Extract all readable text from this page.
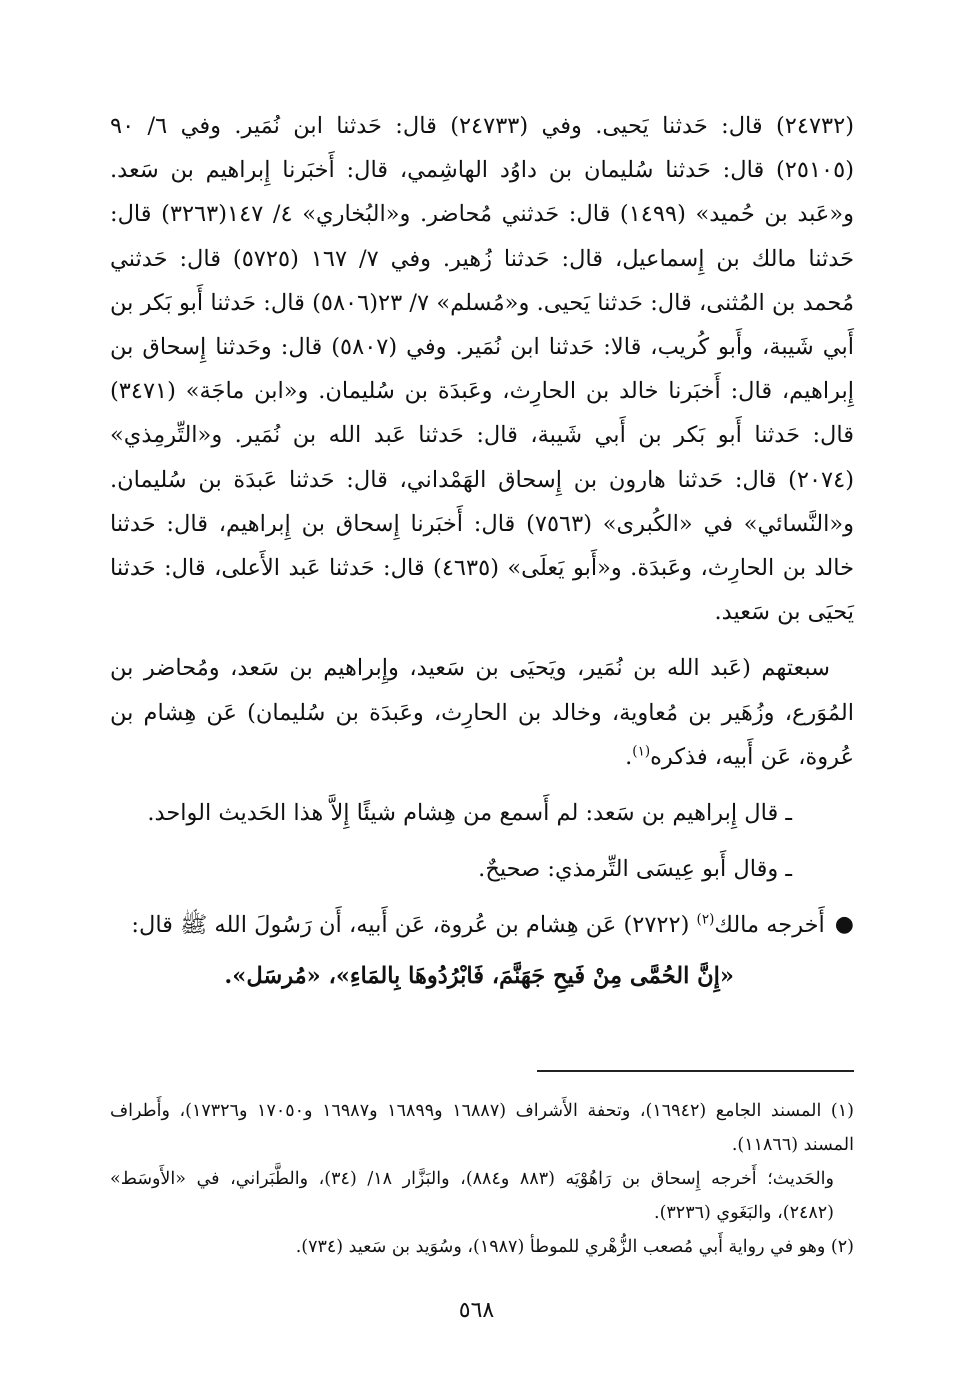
(٢٤٧٣٢) قال: حَدثنا يَحيى. وفي (٢٤٧٣٣) قال: حَدثنا ابن نُمَير. وفي ٦/ ٩٠ (٢٥١٠٥) قال: حَدثنا سُليمان بن داوُد الهاشِمي، قال: أَخبَرنا إِبراهيم بن سَعد. و«عَبد بن حُميد» (١٤٩٩) قال: حَدثني مُحاضر. و«البُخاري» ٤/ ١٤٧(٣٢٦٣) قال: حَدثنا مالك بن إِسماعيل، قال: حَدثنا زُهير. وفي ٧/ ١٦٧ (٥٧٢٥) قال: حَدثني مُحمد بن المُثنى، قال: حَدثنا يَحيى. و«مُسلم» ٧/ ٢٣(٥٨٠٦) قال: حَدثنا أَبو بَكر بن أَبي شَيبة، وأَبو كُريب، قالا: حَدثنا ابن نُمَير. وفي (٥٨٠٧) قال: وحَدثنا إِسحاق بن إِبراهيم، قال: أَخبَرنا خالد بن الحارِث، وعَبدَة بن سُليمان. و«ابن ماجَة» (٣٤٧١) قال: حَدثنا أَبو بَكر بن أَبي شَيبة، قال: حَدثنا عَبد الله بن نُمَير. و«التِّرمِذي» (٢٠٧٤) قال: حَدثنا هارون بن إِسحاق الهَمْداني، قال: حَدثنا عَبدَة بن سُليمان. و«النَّسائي» في «الكُبرى» (٧٥٦٣) قال: أَخبَرنا إِسحاق بن إِبراهيم، قال: حَدثنا خالد بن الحارِث، وعَبدَة. و«أَبو يَعلَى» (٤٦٣٥) قال: حَدثنا عَبد الأَعلى، قال: حَدثنا يَحيَى بن سَعيد.

سبعتهم (عَبد الله بن نُمَير، ويَحيَى بن سَعيد، وإِبراهيم بن سَعد، ومُحاضر بن المُوَرع، وزُهَير بن مُعاوية، وخالد بن الحارِث، وعَبدَة بن سُليمان) عَن هِشام بن عُروة، عَن أَبيه، فذكره$^{(١)}$.

ـ قال إِبراهيم بن سَعد: لم أَسمع من هِشام شيئًا إِلاَّ هذا الحَديث الواحد.

ـ وقال أَبو عِيسَى التِّرمذي: صحيحٌ.

●
أَخرجه مالك$^{(٢)}$ (٢٧٢٢) عَن هِشام بن عُروة، عَن أَبيه، أَن رَسُولَ الله ﷺ قال:

«إِنَّ الحُمَّى مِنْ فَيحِ جَهَنَّمَ، فَابْرُدُوهَا بِالمَاءِ»، «مُرسَل».

(١) المسند الجامع (١٦٩٤٢)، وتحفة الأَشراف (١٦٨٨٧ و١٦٨٩٩ و١٦٩٨٧ و١٧٠٥٠ و١٧٣٢٦)، وأَطراف المسند (١١٨٦٦).

والحَديث؛ أَخرجه إِسحاق بن رَاهُوْيَه (٨٨٣ و٨٨٤)، والبَزَّار ١٨/ (٣٤)، والطَّبَراني، في «الأَوسَط» (٢٤٨٢)، والبَغَوي (٣٢٣٦).

(٢) وهو في رواية أَبي مُصعب الزُّهْري للموطأ (١٩٨٧)، وسُوَيد بن سَعيد (٧٣٤).

٥٦٨
